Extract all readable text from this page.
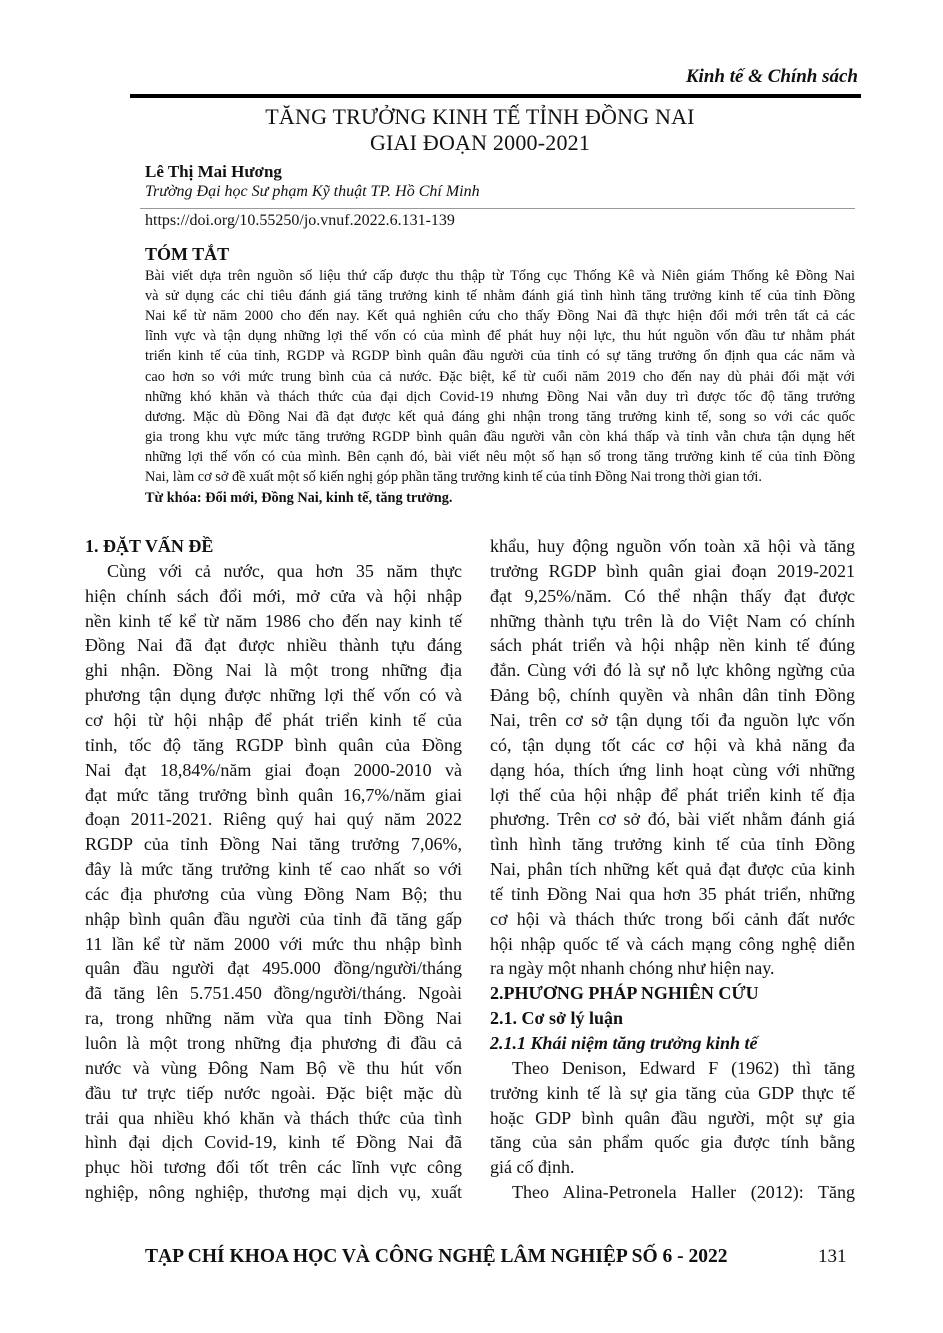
Kinh tế & Chính sách
TĂNG TRƯỞNG KINH TẾ TỈNH ĐỒNG NAI
GIAI ĐOẠN 2000-2021
Lê Thị Mai Hương
Trường Đại học Sư phạm Kỹ thuật TP. Hồ Chí Minh
https://doi.org/10.55250/jo.vnuf.2022.6.131-139
TÓM TẮT
Bài viết dựa trên nguồn số liệu thứ cấp được thu thập từ Tổng cục Thống Kê và Niên giám Thống kê Đồng Nai
và sử dụng các chỉ tiêu đánh giá tăng trưởng kinh tế nhằm đánh giá tình hình tăng trưởng kinh tế của tỉnh Đồng
Nai kể từ năm 2000 cho đến nay. Kết quả nghiên cứu cho thấy Đồng Nai đã thực hiện đổi mới trên tất cả các
lĩnh vực và tận dụng những lợi thế vốn có của mình để phát huy nội lực, thu hút nguồn vốn đầu tư nhằm phát
triển kinh tế của tỉnh, RGDP và RGDP bình quân đầu người của tỉnh có sự tăng trưởng ổn định qua các năm và
cao hơn so với mức trung bình của cả nước. Đặc biệt, kể từ cuối năm 2019 cho đến nay dù phải đối mặt với
những khó khăn và thách thức của đại dịch Covid-19 nhưng Đồng Nai vẫn duy trì được tốc độ tăng trưởng
dương. Mặc dù Đồng Nai đã đạt được kết quả đáng ghi nhận trong tăng trưởng kinh tế, song so với các quốc
gia trong khu vực mức tăng trưởng RGDP bình quân đầu người vẫn còn khá thấp và tỉnh vẫn chưa tận dụng hết
những lợi thế vốn có của mình. Bên cạnh đó, bài viết nêu một số hạn số trong tăng trưởng kinh tế của tỉnh Đồng
Nai, làm cơ sở đề xuất một số kiến nghị góp phần tăng trưởng kinh tế của tỉnh Đồng Nai trong thời gian tới.
Từ khóa: Đổi mới, Đồng Nai, kinh tế, tăng trưởng.
1. ĐẶT VẤN ĐỀ
Cùng với cả nước, qua hơn 35 năm thực
hiện chính sách đổi mới, mở cửa và hội nhập
nền kinh tế kể từ năm 1986 cho đến nay kinh tế
Đồng Nai đã đạt được nhiều thành tựu đáng
ghi nhận. Đồng Nai là một trong những địa
phương tận dụng được những lợi thế vốn có và
cơ hội từ hội nhập để phát triển kinh tế của
tỉnh, tốc độ tăng RGDP bình quân của Đồng
Nai đạt 18,84%/năm giai đoạn 2000-2010 và
đạt mức tăng trưởng bình quân 16,7%/năm giai
đoạn 2011-2021. Riêng quý hai quý năm 2022
RGDP của tỉnh Đồng Nai tăng trưởng 7,06%,
đây là mức tăng trưởng kinh tế cao nhất so với
các địa phương của vùng Đồng Nam Bộ; thu
nhập bình quân đầu người của tỉnh đã tăng gấp
11 lần kể từ năm 2000 với mức thu nhập bình
quân đầu người đạt 495.000 đồng/người/tháng
đã tăng lên 5.751.450 đồng/người/tháng. Ngoài
ra, trong những năm vừa qua tỉnh Đồng Nai
luôn là một trong những địa phương đi đầu cả
nước và vùng Đông Nam Bộ về thu hút vốn
đầu tư trực tiếp nước ngoài. Đặc biệt mặc dù
trải qua nhiều khó khăn và thách thức của tình
hình đại dịch Covid-19, kinh tế Đồng Nai đã
phục hồi tương đối tốt trên các lĩnh vực công
nghiệp, nông nghiệp, thương mại dịch vụ, xuất
khẩu, huy động nguồn vốn toàn xã hội và tăng
trưởng RGDP bình quân giai đoạn 2019-2021
đạt 9,25%/năm. Có thể nhận thấy đạt được
những thành tựu trên là do Việt Nam có chính
sách phát triển và hội nhập nền kinh tế đúng
đắn. Cùng với đó là sự nỗ lực không ngừng của
Đảng bộ, chính quyền và nhân dân tỉnh Đồng
Nai, trên cơ sở tận dụng tối đa nguồn lực vốn
có, tận dụng tốt các cơ hội và khả năng đa
dạng hóa, thích ứng linh hoạt cùng với những
lợi thế của hội nhập để phát triển kinh tế địa
phương. Trên cơ sở đó, bài viết nhằm đánh giá
tình hình tăng trưởng kinh tế của tỉnh Đồng
Nai, phân tích những kết quả đạt được của kinh
tế tỉnh Đồng Nai qua hơn 35 phát triển, những
cơ hội và thách thức trong bối cảnh đất nước
hội nhập quốc tế và cách mạng công nghệ diễn
ra ngày một nhanh chóng như hiện nay.
2.PHƯƠNG PHÁP NGHIÊN CỨU
2.1. Cơ sở lý luận
2.1.1 Khái niệm tăng trưởng kinh tế
Theo Denison, Edward F (1962) thì tăng
trưởng kinh tế là sự gia tăng của GDP thực tế
hoặc GDP bình quân đầu người, một sự gia
tăng của sản phẩm quốc gia được tính bằng
giá cố định.
Theo Alina-Petronela Haller (2012): Tăng
TẠP CHÍ KHOA HỌC VÀ CÔNG NGHỆ LÂM NGHIỆP SỐ 6 - 2022	131
